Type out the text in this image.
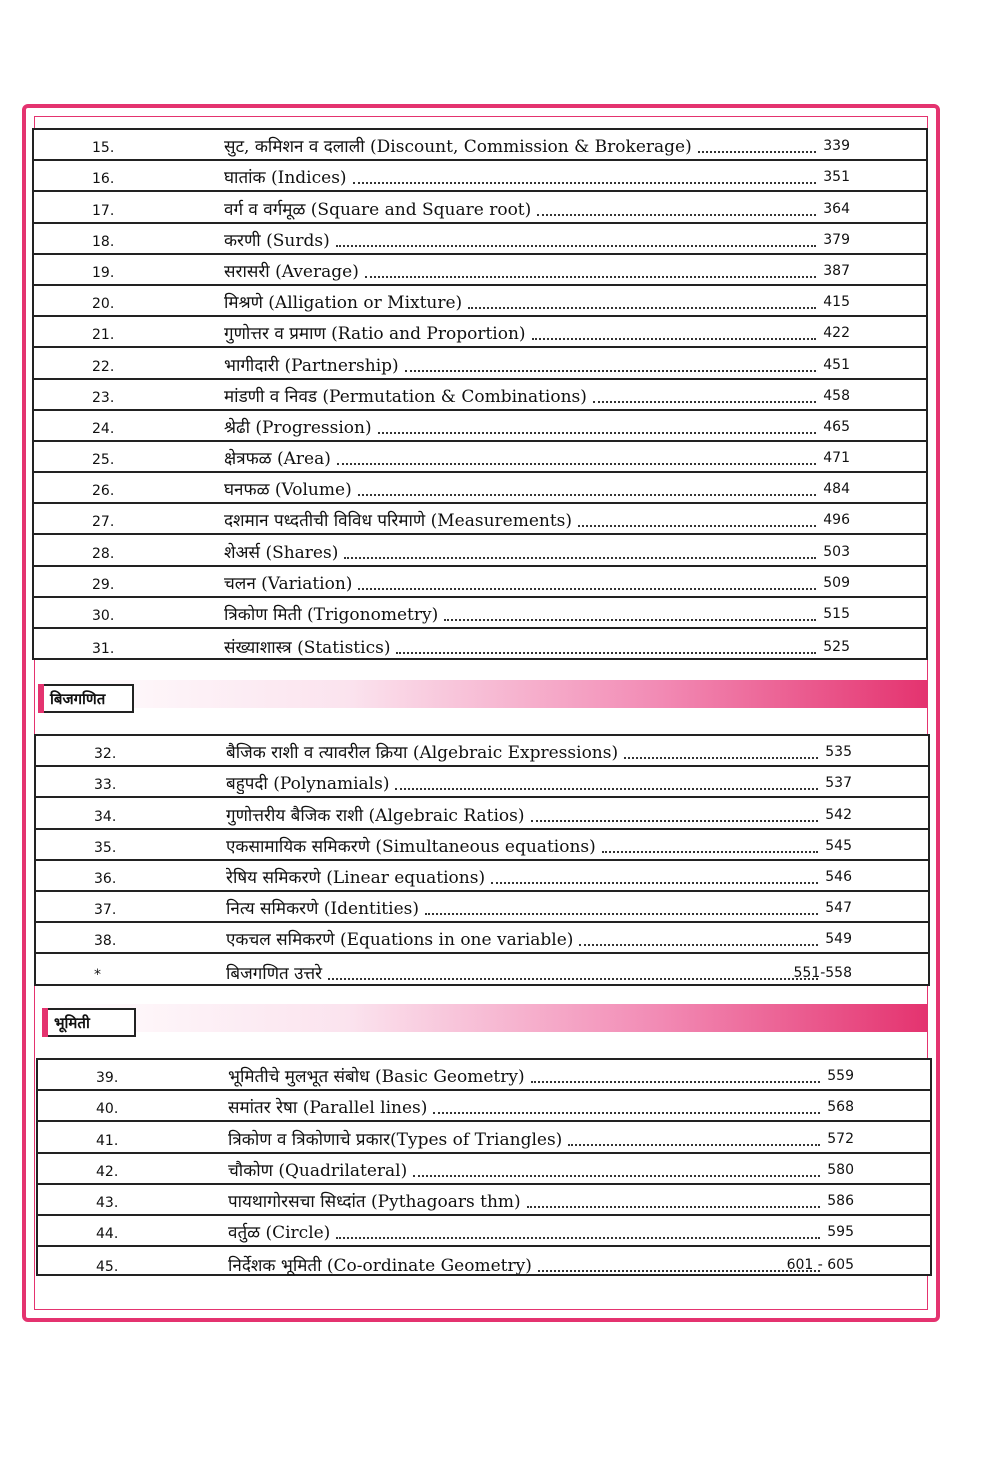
15.	सुट, कमिशन व दलाली (Discount, Commission & Brokerage)	339
16.	घातांक (Indices)	351
17.	वर्ग व वर्गमूळ (Square and Square root)	364
18.	करणी (Surds)	379
19.	सरासरी (Average)	387
20.	मिश्रणे (Alligation or Mixture)	415
21.	गुणोत्तर व प्रमाण (Ratio and Proportion)	422
22.	भागीदारी (Partnership)	451
23.	मांडणी व निवड (Permutation & Combinations)	458
24.	श्रेढी (Progression)	465
25.	क्षेत्रफळ (Area)	471
26.	घनफळ (Volume)	484
27.	दशमान पध्दतीची विविध परिमाणे (Measurements)	496
28.	शेअर्स (Shares)	503
29.	चलन (Variation)	509
30.	त्रिकोण मिती (Trigonometry)	515
31.	संख्याशास्त्र (Statistics)	525
बिजगणित
32.	बैजिक राशी व त्यावरील क्रिया (Algebraic Expressions)	535
33.	बहुपदी (Polynamials)	537
34.	गुणोत्तरीय बैजिक राशी (Algebraic Ratios)	542
35.	एकसामायिक समिकरणे (Simultaneous equations)	545
36.	रेषिय समिकरणे (Linear equations)	546
37.	नित्य समिकरणे (Identities)	547
38.	एकचल समिकरणे (Equations in one variable)	549
*	बिजगणित उत्तरे	551-558
भूमिती
39.	भूमितीचे मुलभूत संबोध (Basic Geometry)	559
40.	समांतर रेषा (Parallel lines)	568
41.	त्रिकोण व त्रिकोणाचे प्रकार(Types of Triangles)	572
42.	चौकोण (Quadrilateral)	580
43.	पायथागोरसचा सिध्दांत (Pythagoars thm)	586
44.	वर्तुळ (Circle)	595
45.	निर्देशक भूमिती (Co-ordinate Geometry)	601 - 605
